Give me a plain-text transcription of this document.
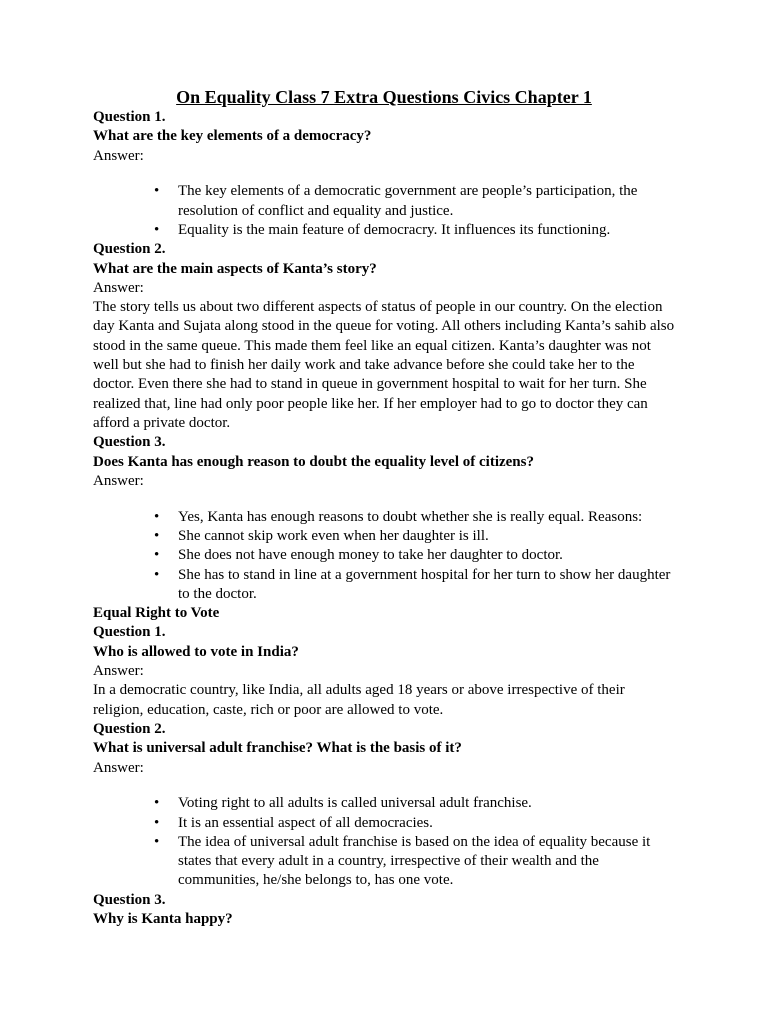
On Equality Class 7 Extra Questions Civics Chapter 1
Question 1.
What are the key elements of a democracy?
Answer:
• The key elements of a democratic government are people’s participation, the resolution of conflict and equality and justice.
• Equality is the main feature of democracry. It influences its functioning.
Question 2.
What are the main aspects of Kanta’s story?
Answer:
The story tells us about two different aspects of status of people in our country. On the election day Kanta and Sujata along stood in the queue for voting. All others including Kanta’s sahib also stood in the same queue. This made them feel like an equal citizen. Kanta’s daughter was not well but she had to finish her daily work and take advance before she could take her to the doctor. Even there she had to stand in queue in government hospital to wait for her turn. She realized that, line had only poor people like her. If her employer had to go to doctor they can afford a private doctor.
Question 3.
Does Kanta has enough reason to doubt the equality level of citizens?
Answer:
• Yes, Kanta has enough reasons to doubt whether she is really equal. Reasons:
• She cannot skip work even when her daughter is ill.
• She does not have enough money to take her daughter to doctor.
• She has to stand in line at a government hospital for her turn to show her daughter to the doctor.
Equal Right to Vote
Question 1.
Who is allowed to vote in India?
Answer:
In a democratic country, like India, all adults aged 18 years or above irrespective of their religion, education, caste, rich or poor are allowed to vote.
Question 2.
What is universal adult franchise? What is the basis of it?
Answer:
• Voting right to all adults is called universal adult franchise.
• It is an essential aspect of all democracies.
• The idea of universal adult franchise is based on the idea of equality because it states that every adult in a country, irrespective of their wealth and the communities, he/she belongs to, has one vote.
Question 3.
Why is Kanta happy?
